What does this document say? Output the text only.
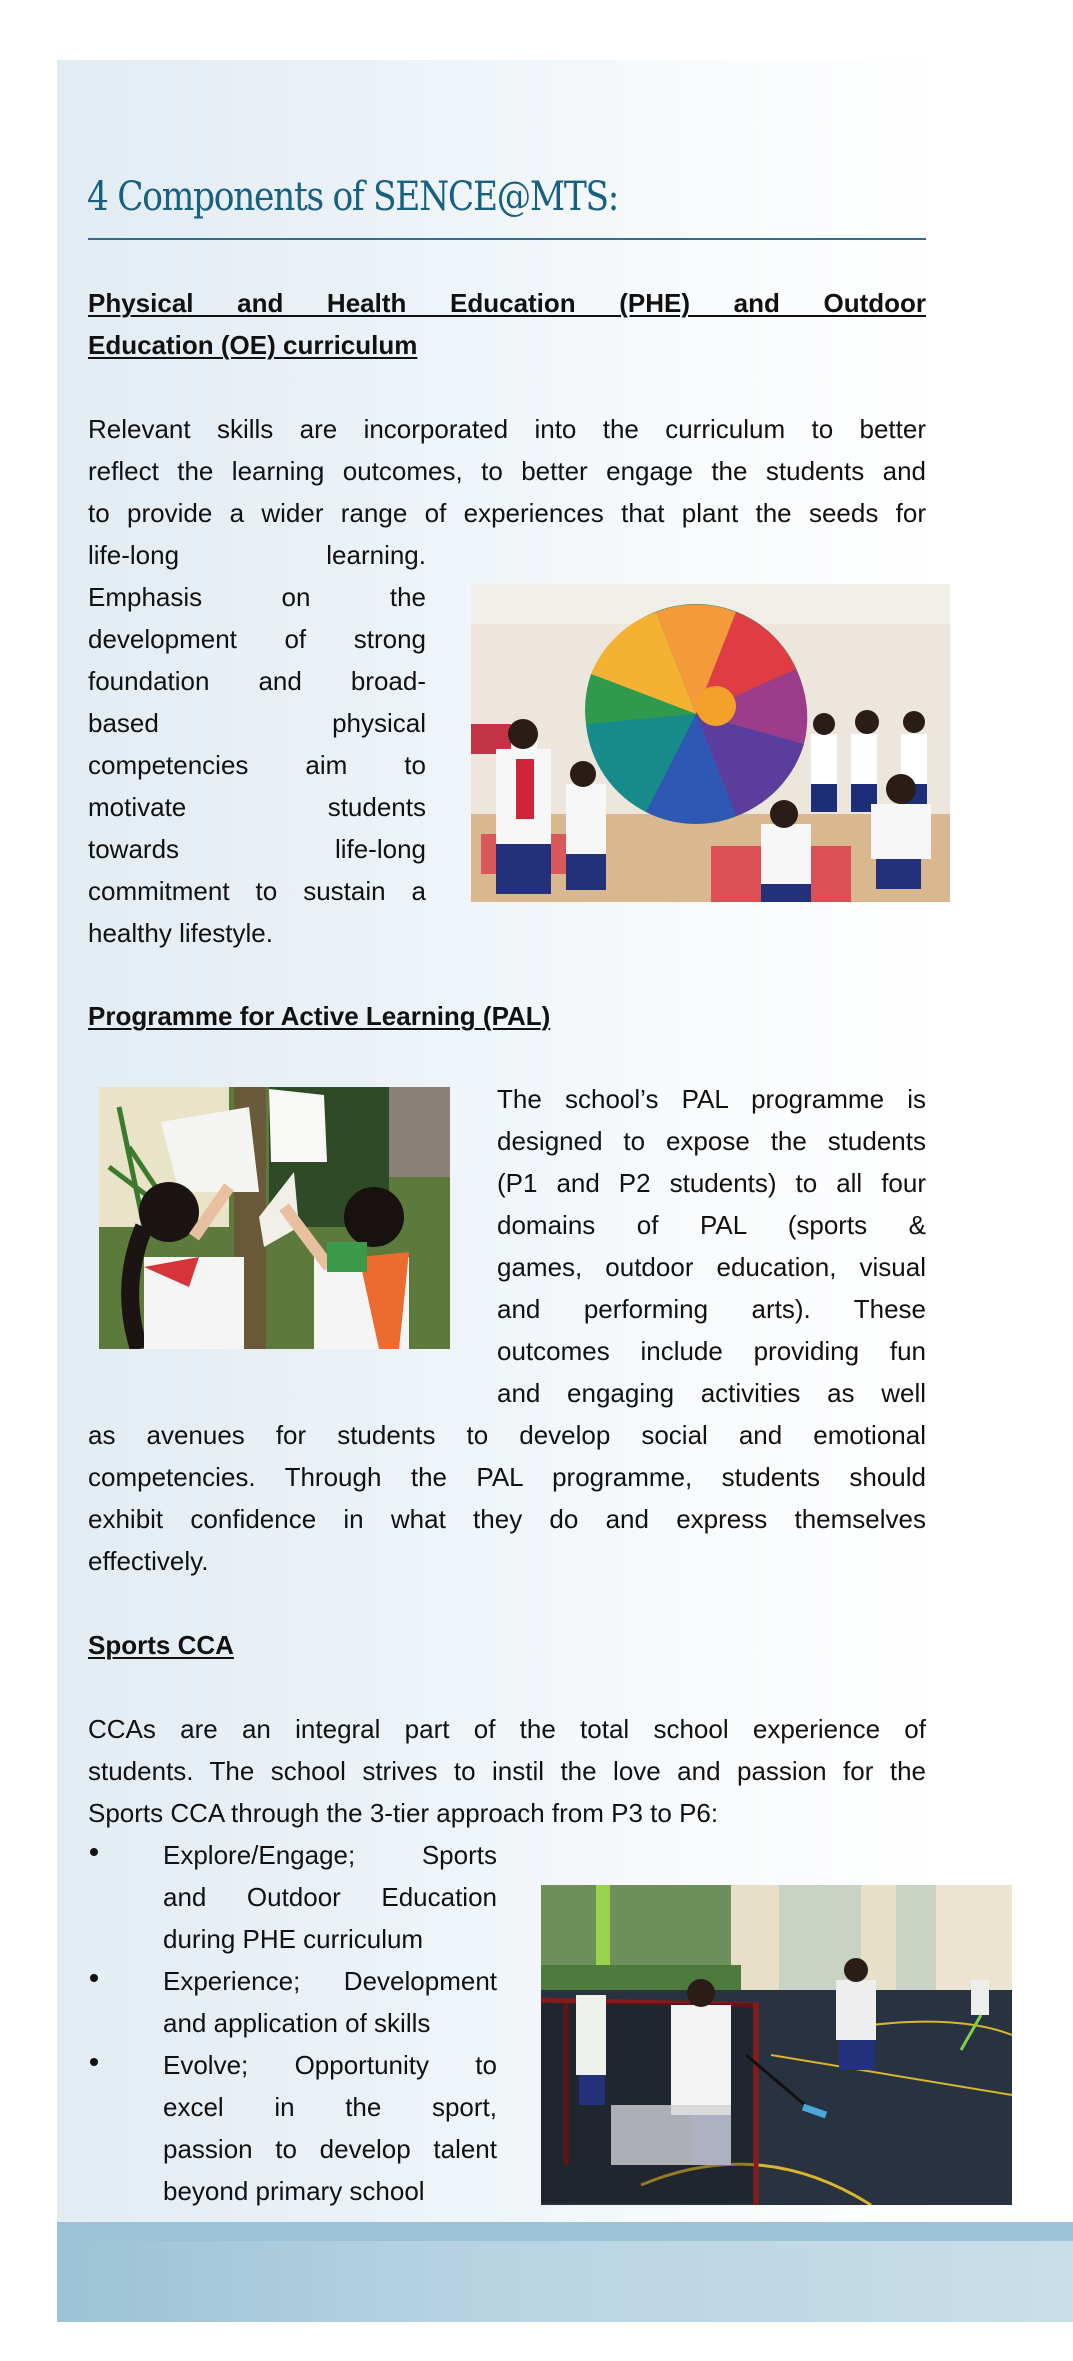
4 Components of SENCE@MTS:
Physical and Health Education (PHE) and Outdoor
Education (OE) curriculum
Relevant skills are incorporated into the curriculum to better
reflect the learning outcomes, to better engage the students and
to provide a wider range of experiences that plant the seeds for
life-long learning.
Emphasis on the
development of strong
foundation and broad-
based physical
competencies aim to
motivate students
towards life-long
commitment to sustain a
healthy lifestyle.
Programme for Active Learning (PAL)
The school’s PAL programme is
designed to expose the students
(P1 and P2 students) to all four
domains of PAL (sports &
games, outdoor education, visual
and performing arts). These
outcomes include providing fun
and engaging activities as well
as avenues for students to develop social and emotional
competencies. Through the PAL programme, students should
exhibit confidence in what they do and express themselves
effectively.
Sports CCA
CCAs are an integral part of the total school experience of
students. The school strives to instil the love and passion for the
Sports CCA through the 3-tier approach from P3 to P6:
Explore/Engage; Sports
and Outdoor Education
during PHE curriculum
Experience; Development
and application of skills
Evolve; Opportunity to
excel in the sport,
passion to develop talent
beyond primary school
